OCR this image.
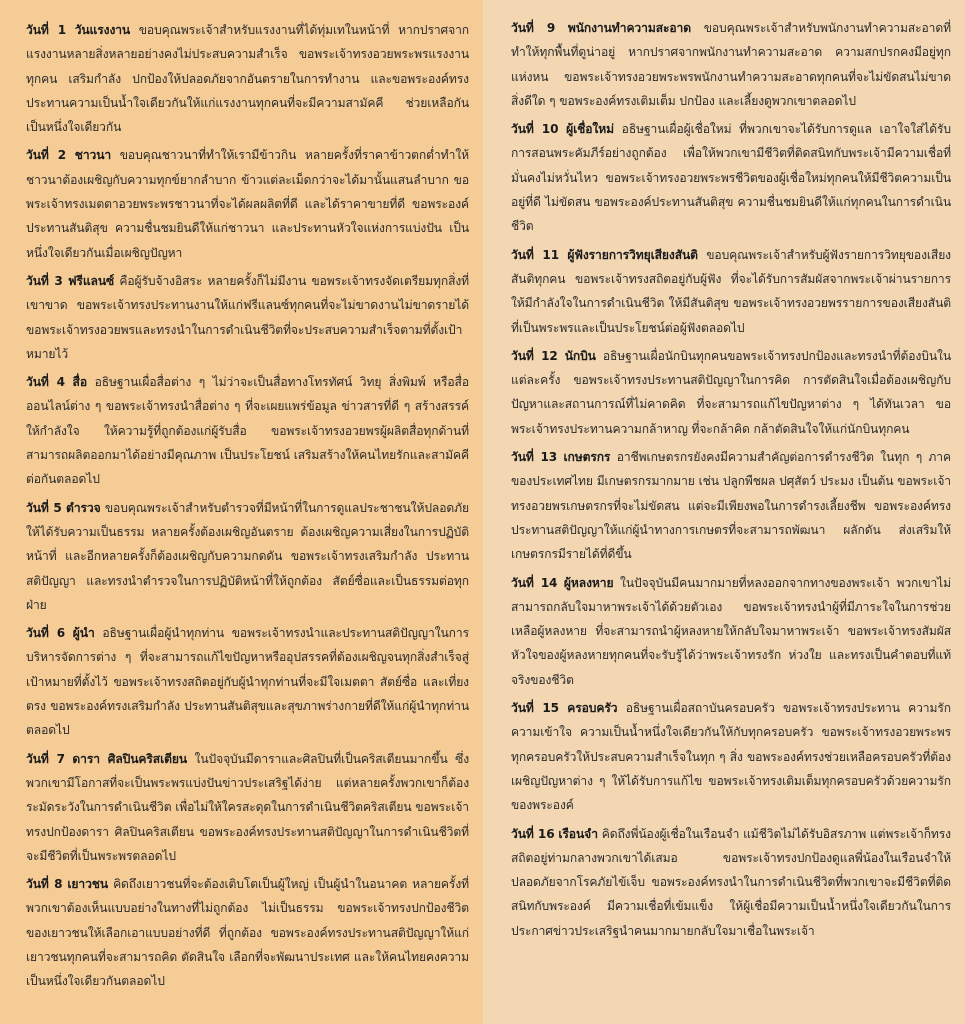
วันที่ 1 วันแรงงาน ขอบคุณพระเจ้าสำหรับแรงงานที่ได้ทุ่มเทในหน้าที่ หากปราศจากแรงงานหลายสิ่งหลายอย่างคงไม่ประสบความสำเร็จ ขอพระเจ้าทรงอวยพระพรแรงงานทุกคน เสริมกำลัง ปกป้องให้ปลอดภัยจากอันตรายในการทำงาน และขอพระองค์ทรงประทานความเป็นน้ำใจเดียวกันให้แก่แรงงานทุกคนที่จะมีความสามัคคี ช่วยเหลือกัน เป็นหนึ่งใจเดียวกัน

วันที่ 2 ชาวนา ขอบคุณชาวนาที่ทำให้เรามีข้าวกิน หลายครั้งที่ราคาข้าวตกต่ำทำให้ชาวนาต้องเผชิญกับความทุกข์ยากลำบาก ข้าวแต่ละเม็ดกว่าจะได้มานั้นแสนลำบาก ขอพระเจ้าทรงเมตตาอวยพระพรชาวนาที่จะได้ผลผลิตที่ดี และได้ราคาขายที่ดี ขอพระองค์ประทานสันติสุข ความชื่นชมยินดีให้แก่ชาวนา และประทานหัวใจแห่งการแบ่งปัน เป็นหนึ่งใจเดียวกันเมื่อเผชิญปัญหา

วันที่ 3 ฟรีแลนซ์ คือผู้รับจ้างอิสระ หลายครั้งก็ไม่มีงาน ขอพระเจ้าทรงจัดเตรียมทุกสิ่งที่เขาขาด ขอพระเจ้าทรงประทานงานให้แก่ฟรีแลนซ์ทุกคนที่จะไม่ขาดงานไม่ขาดรายได้ ขอพระเจ้าทรงอวยพรและทรงนำในการดำเนินชีวิตที่จะประสบความสำเร็จตามที่ตั้งเป้าหมายไว้

วันที่ 4 สื่อ อธิษฐานเผื่อสื่อต่าง ๆ ไม่ว่าจะเป็นสื่อทางโทรทัศน์ วิทยุ สิ่งพิมพ์ หรือสื่อออนไลน์ต่าง ๆ ขอพระเจ้าทรงนำสื่อต่าง ๆ ที่จะเผยแพร่ข้อมูล ข่าวสารที่ดี ๆ สร้างสรรค์ ให้กำลังใจ ให้ความรู้ที่ถูกต้องแก่ผู้รับสื่อ ขอพระเจ้าทรงอวยพรผู้ผลิตสื่อทุกด้านที่สามารถผลิตออกมาได้อย่างมีคุณภาพ เป็นประโยชน์ เสริมสร้างให้คนไทยรักและสามัคคีต่อกันตลอดไป

วันที่ 5 ตำรวจ ขอบคุณพระเจ้าสำหรับตำรวจที่มีหน้าที่ในการดูแลประชาชนให้ปลอดภัย ให้ได้รับความเป็นธรรม หลายครั้งต้องเผชิญอันตราย ต้องเผชิญความเสี่ยงในการปฏิบัติหน้าที่ และอีกหลายครั้งก็ต้องเผชิญกับความกดดัน ขอพระเจ้าทรงเสริมกำลัง ประทานสติปัญญา และทรงนำตำรวจในการปฏิบัติหน้าที่ให้ถูกต้อง สัตย์ซื่อและเป็นธรรมต่อทุกฝ่าย

วันที่ 6 ผู้นำ อธิษฐานเผื่อผู้นำทุกท่าน ขอพระเจ้าทรงนำและประทานสติปัญญาในการบริหารจัดการต่าง ๆ ที่จะสามารถแก้ไขปัญหาหรืออุปสรรคที่ต้องเผชิญจนทุกสิ่งสำเร็จสู่เป้าหมายที่ตั้งไว้ ขอพระเจ้าทรงสถิตอยู่กับผู้นำทุกท่านที่จะมีใจเมตตา สัตย์ซื่อ และเที่ยงตรง ขอพระองค์ทรงเสริมกำลัง ประทานสันติสุขและสุขภาพร่างกายที่ดีให้แก่ผู้นำทุกท่านตลอดไป

วันที่ 7 ดารา ศิลปินคริสเตียน ในปัจจุบันมีดาราและศิลปินที่เป็นคริสเตียนมากขึ้น ซึ่งพวกเขามีโอกาสที่จะเป็นพระพรแบ่งปันข่าวประเสริฐได้ง่าย แต่หลายครั้งพวกเขาก็ต้องระมัดระวังในการดำเนินชีวิต เพื่อไม่ให้ใครสะดุดในการดำเนินชีวิตคริสเตียน ขอพระเจ้าทรงปกป้องดารา ศิลปินคริสเตียน ขอพระองค์ทรงประทานสติปัญญาในการดำเนินชีวิตที่จะมีชีวิตที่เป็นพระพรตลอดไป

วันที่ 8 เยาวชน คิดถึงเยาวชนที่จะต้องเติบโตเป็นผู้ใหญ่ เป็นผู้นำในอนาคต หลายครั้งที่พวกเขาต้องเห็นแบบอย่างในทางที่ไม่ถูกต้อง ไม่เป็นธรรม ขอพระเจ้าทรงปกป้องชีวิตของเยาวชนให้เลือกเอาแบบอย่างที่ดี ที่ถูกต้อง ขอพระองค์ทรงประทานสติปัญญาให้แก่เยาวชนทุกคนที่จะสามารถคิด ตัดสินใจ เลือกที่จะพัฒนาประเทศ และให้คนไทยคงความเป็นหนึ่งใจเดียวกันตลอดไป

วันที่ 9 พนักงานทำความสะอาด ขอบคุณพระเจ้าสำหรับพนักงานทำความสะอาดที่ทำให้ทุกพื้นที่ดูน่าอยู่ หากปราศจากพนักงานทำความสะอาด ความสกปรกคงมีอยู่ทุกแห่งหน ขอพระเจ้าทรงอวยพระพรพนักงานทำความสะอาดทุกคนที่จะไม่ขัดสนไม่ขาดสิ่งดีใด ๆ ขอพระองค์ทรงเติมเต็ม ปกป้อง และเลี้ยงดูพวกเขาตลอดไป

วันที่ 10 ผู้เชื่อใหม่ อธิษฐานเผื่อผู้เชื่อใหม่ ที่พวกเขาจะได้รับการดูแล เอาใจใส่ได้รับการสอนพระคัมภีร์อย่างถูกต้อง เพื่อให้พวกเขามีชีวิตที่ติดสนิทกับพระเจ้ามีความเชื่อที่มั่นคงไม่หวั่นไหว ขอพระเจ้าทรงอวยพระพรชีวิตของผู้เชื่อใหม่ทุกคนให้มีชีวิตความเป็นอยู่ที่ดี ไม่ขัดสน ขอพระองค์ประทานสันติสุข ความชื่นชมยินดีให้แก่ทุกคนในการดำเนินชีวิต

วันที่ 11 ผู้ฟังรายการวิทยุเสียงสันติ ขอบคุณพระเจ้าสำหรับผู้ฟังรายการวิทยุของเสียงสันติทุกคน ขอพระเจ้าทรงสถิตอยู่กับผู้ฟัง ที่จะได้รับการสัมผัสจากพระเจ้าผ่านรายการ ให้มีกำลังใจในการดำเนินชีวิต ให้มีสันติสุข ขอพระเจ้าทรงอวยพรรายการของเสียงสันติที่เป็นพระพรและเป็นประโยชน์ต่อผู้ฟังตลอดไป

วันที่ 12 นักบิน อธิษฐานเผื่อนักบินทุกคนขอพระเจ้าทรงปกป้องและทรงนำที่ต้องบินในแต่ละครั้ง ขอพระเจ้าทรงประทานสติปัญญาในการคิด การตัดสินใจเมื่อต้องเผชิญกับปัญหาและสถานการณ์ที่ไม่คาดคิด ที่จะสามารถแก้ไขปัญหาต่าง ๆ ได้ทันเวลา ขอพระเจ้าทรงประทานความกล้าหาญ ที่จะกล้าคิด กล้าตัดสินใจให้แก่นักบินทุกคน

วันที่ 13 เกษตรกร อาชีพเกษตรกรยังคงมีความสำคัญต่อการดำรงชีวิต ในทุก ๆ ภาคของประเทศไทย มีเกษตรกรมากมาย เช่น ปลูกพืชผล ปศุสัตว์ ประมง เป็นต้น ขอพระเจ้าทรงอวยพรเกษตรกรที่จะไม่ขัดสน แต่จะมีเพียงพอในการดำรงเลี้ยงชีพ ขอพระองค์ทรงประทานสติปัญญาให้แก่ผู้นำทางการเกษตรที่จะสามารถพัฒนา ผลักดัน ส่งเสริมให้เกษตรกรมีรายได้ที่ดีขึ้น

วันที่ 14 ผู้หลงหาย ในปัจจุบันมีคนมากมายที่หลงออกจากทางของพระเจ้า พวกเขาไม่สามารถกลับใจมาหาพระเจ้าได้ด้วยตัวเอง ขอพระเจ้าทรงนำผู้ที่มีภาระใจในการช่วยเหลือผู้หลงหาย ที่จะสามารถนำผู้หลงหายให้กลับใจมาหาพระเจ้า ขอพระเจ้าทรงสัมผัสหัวใจของผู้หลงหายทุกคนที่จะรับรู้ได้ว่าพระเจ้าทรงรัก ห่วงใย และทรงเป็นคำตอบที่แท้จริงของชีวิต

วันที่ 15 ครอบครัว อธิษฐานเผื่อสถาบันครอบครัว ขอพระเจ้าทรงประทาน ความรักความเข้าใจ ความเป็นน้ำหนึ่งใจเดียวกันให้กับทุกครอบครัว ขอพระเจ้าทรงอวยพระพรทุกครอบครัวให้ประสบความสำเร็จในทุก ๆ สิ่ง ขอพระองค์ทรงช่วยเหลือครอบครัวที่ต้องเผชิญปัญหาต่าง ๆ ให้ได้รับการแก้ไข ขอพระเจ้าทรงเติมเต็มทุกครอบครัวด้วยความรักของพระองค์

วันที่ 16 เรือนจำ คิดถึงพี่น้องผู้เชื่อในเรือนจำ แม้ชีวิตไม่ได้รับอิสรภาพ แต่พระเจ้าก็ทรงสถิตอยู่ท่ามกลางพวกเขาได้เสมอ ขอพระเจ้าทรงปกป้องดูแลพี่น้องในเรือนจำให้ปลอดภัยจากโรคภัยไข้เจ็บ ขอพระองค์ทรงนำในการดำเนินชีวิตที่พวกเขาจะมีชีวิตที่ติดสนิทกับพระองค์ มีความเชื่อที่เข้มแข็ง ให้ผู้เชื่อมีความเป็นน้ำหนึ่งใจเดียวกันในการประกาศข่าวประเสริฐนำคนมากมายกลับใจมาเชื่อในพระเจ้า
